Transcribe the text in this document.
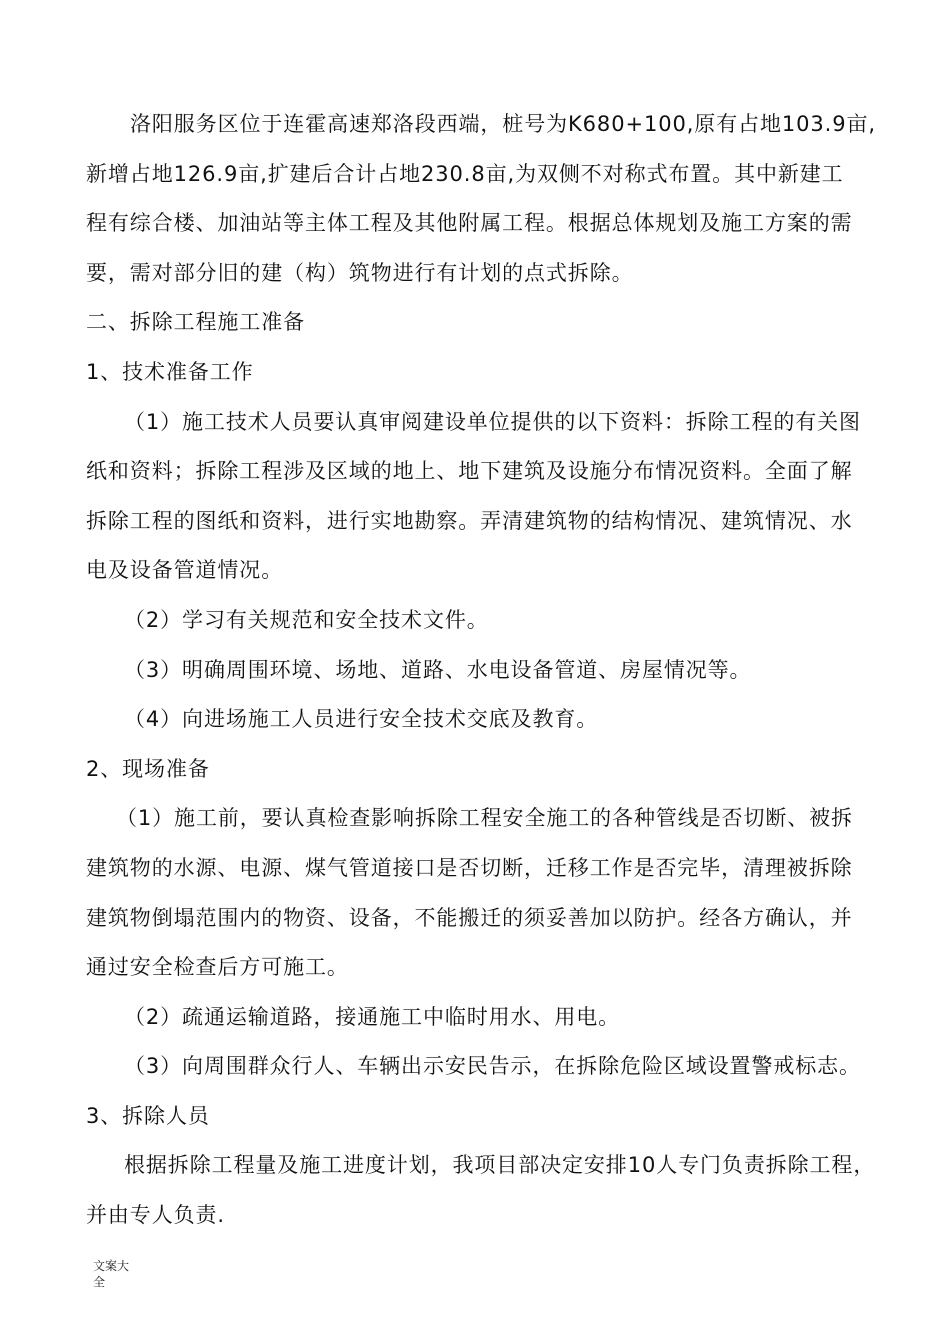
洛阳服务区位于连霍高速郑洛段西端，桩号为K680+100,原有占地103.9亩,
新增占地126.9亩,扩建后合计占地230.8亩,为双侧不对称式布置。其中新建工
程有综合楼、加油站等主体工程及其他附属工程。根据总体规划及施工方案的需
要，需对部分旧的建（构）筑物进行有计划的点式拆除。
二、拆除工程施工准备
1、技术准备工作
（1）施工技术人员要认真审阅建设单位提供的以下资料：拆除工程的有关图
纸和资料；拆除工程涉及区域的地上、地下建筑及设施分布情况资料。全面了解
拆除工程的图纸和资料，进行实地勘察。弄清建筑物的结构情况、建筑情况、水
电及设备管道情况。
（2）学习有关规范和安全技术文件。
（3）明确周围环境、场地、道路、水电设备管道、房屋情况等。
（4）向进场施工人员进行安全技术交底及教育。
2、现场准备
（1）施工前，要认真检查影响拆除工程安全施工的各种管线是否切断、被拆
建筑物的水源、电源、煤气管道接口是否切断，迁移工作是否完毕，清理被拆除
建筑物倒塌范围内的物资、设备，不能搬迁的须妥善加以防护。经各方确认，并
通过安全检查后方可施工。
（2）疏通运输道路，接通施工中临时用水、用电。
（3）向周围群众行人、车辆出示安民告示，在拆除危险区域设置警戒标志。
3、拆除人员
根据拆除工程量及施工进度计划，我项目部决定安排10人专门负责拆除工程，
并由专人负责.
文案大
全
